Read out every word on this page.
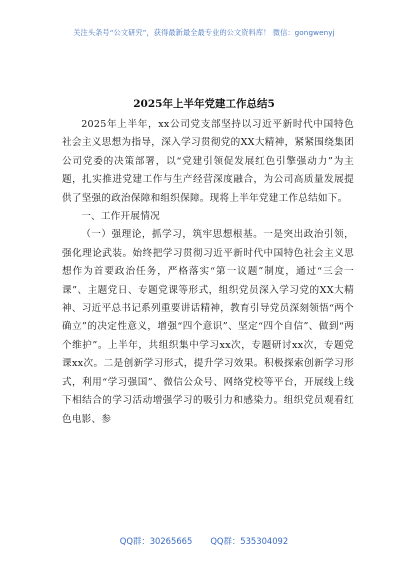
关注头条号“公文研究”，获得最新最全最专业的公文资料库！ 微信：gongwenyj
2025年上半年党建工作总结5

2025年上半年，xx公司党支部坚持以习近平新时代中国特色社会主义思想为指导，深入学习贯彻党的XX大精神，紧紧围绕集团公司党委的决策部署，以“党建引领促发展红色引擎强动力”为主题，扎实推进党建工作与生产经营深度融合，为公司高质量发展提供了坚强的政治保障和组织保障。现将上半年党建工作总结如下。

一、工作开展情况

（一）强理论，抓学习，筑牢思想根基。一是突出政治引领，强化理论武装。始终把学习贯彻习近平新时代中国特色社会主义思想作为首要政治任务，严格落实“第一议题”制度，通过“三会一课”、主题党日、专题党课等形式，组织党员深入学习党的XX大精神、习近平总书记系列重要讲话精神，教育引导党员深刻领悟“两个确立”的决定性意义，增强“四个意识”、坚定“四个自信”、做到“两个维护”。上半年，共组织集中学习xx次，专题研讨xx次，专题党课xx次。二是创新学习形式，提升学习效果。积极探索创新学习形式，利用“学习强国”、微信公众号、网络党校等平台，开展线上线下相结合的学习活动增强学习的吸引力和感染力。组织党员观看红色电影、参

QQ群：30265665 QQ群：535304092
